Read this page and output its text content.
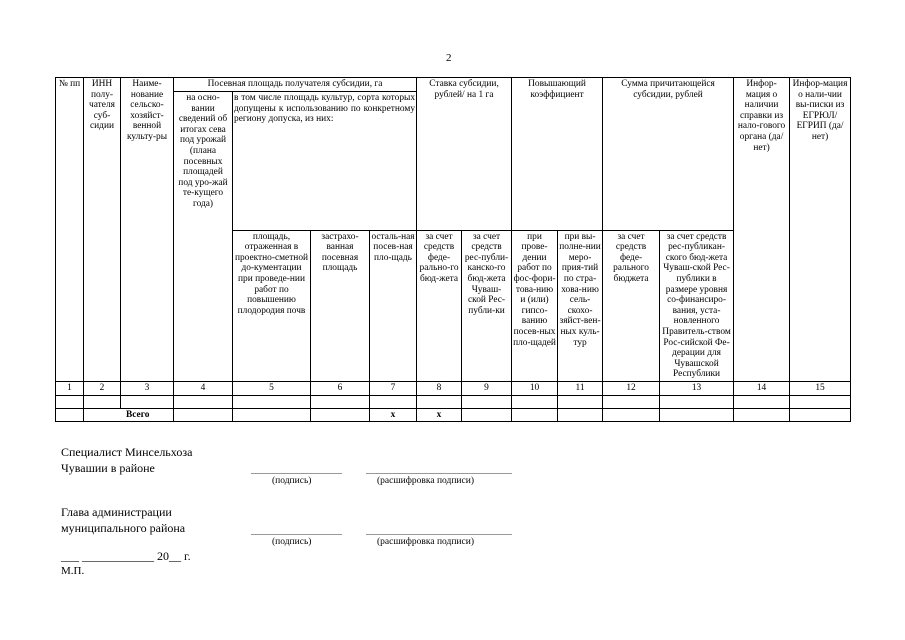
2
№ пп	ИНН полу-чателя суб-сидии	Наиме-нование сельско-хозяйст-венной культу-ры	Посевная площадь получателя субсидии, га				Ставка субсидии, рублей/ на 1 га		Повышающий коэффициент		Сумма причитающейся субсидии, рублей		Инфор-мация о наличии справки из нало-гового органа (да/нет)	Инфор-мация о нали-чии вы-писки из ЕГРЮЛ/ ЕГРИП (да/нет)
			на осно-вании сведений об итогах сева под урожай (плана посевных площадей под уро-жай те-кущего года)	в том числе площадь культур, сорта которых допущены к использованию по конкретному региону допуска, из них:										
				площадь, отраженная в проектно-сметной до-кументации при проведе-нии работ по повышению плодородия почв	застрахо-ванная посевная площадь	осталь-ная посев-ная пло-щадь	за счет средств феде-рально-го бюд-жета	за счет средств рес-публи-канско-го бюд-жета Чуваш-ской Рес-публи-ки	при прове-дении работ по фос-фори-това-нию и (или) гипсо-ванию посев-ных пло-щадей	при вы-полне-нии меро-прия-тий по стра-хова-нию сель-скохо-зяйст-вен-ных куль-тур	за счет средств феде-рального бюджета	за счет средств рес-публикан-ского бюд-жета Чуваш-ской Рес-публики в размере уровня со-финансиро-вания, уста-новленного Правитель-ством Рос-сийской Фе-дерации для Чувашской Республики		
1	2	3	4	5	6	7	8	9	10	11	12	13	14	15

	Всего					x	x							
Специалист Минсельхоза
Чувашии в районе
(подпись)	(расшифровка подписи)
Глава администрации
муниципального района
(подпись)	(расшифровка подписи)
___ ____________ 20__ г.
М.П.
